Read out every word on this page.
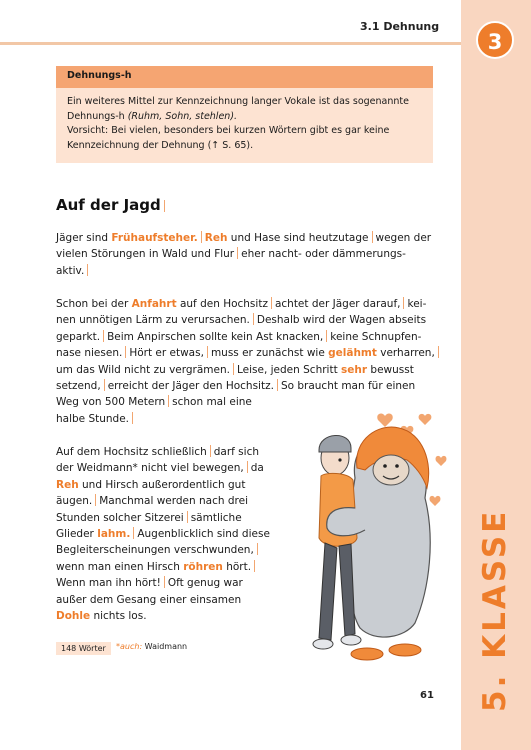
3.1 Dehnung
3
5. KLASSE
Dehnungs-h
Ein weiteres Mittel zur Kennzeichnung langer Vokale ist das sogenannte
Dehnungs-h (Ruhm, Sohn, stehlen).
Vorsicht: Bei vielen, besonders bei kurzen Wörtern gibt es gar keine
Kennzeichnung der Dehnung (↑ S. 65).
Auf der Jagd
Jäger sind Frühaufsteher. Reh und Hase sind heutzutage wegen der
vielen Störungen in Wald und Flur eher nacht- oder dämmerungs-
aktiv.
Schon bei der Anfahrt auf den Hochsitz achtet der Jäger darauf, kei-
nen unnötigen Lärm zu verursachen. Deshalb wird der Wagen abseits
geparkt. Beim Anpirschen sollte kein Ast knacken, keine Schnupfen-
nase niesen. Hört er etwas, muss er zunächst wie gelähmt verharren,
um das Wild nicht zu vergrämen. Leise, jeden Schritt sehr bewusst
setzend, erreicht der Jäger den Hochsitz. So braucht man für einen
Weg von 500 Metern schon mal eine
halbe Stunde.
Auf dem Hochsitz schließlich darf sich
der Weidmann* nicht viel bewegen, da
Reh und Hirsch außerordentlich gut
äugen. Manchmal werden nach drei
Stunden solcher Sitzerei sämtliche
Glieder lahm. Augenblicklich sind diese
Begleiterscheinungen verschwunden,
wenn man einen Hirsch röhren hört.
Wenn man ihn hört! Oft genug war
außer dem Gesang einer einsamen
Dohle nichts los.
148 Wörter	*auch: Waidmann
61
